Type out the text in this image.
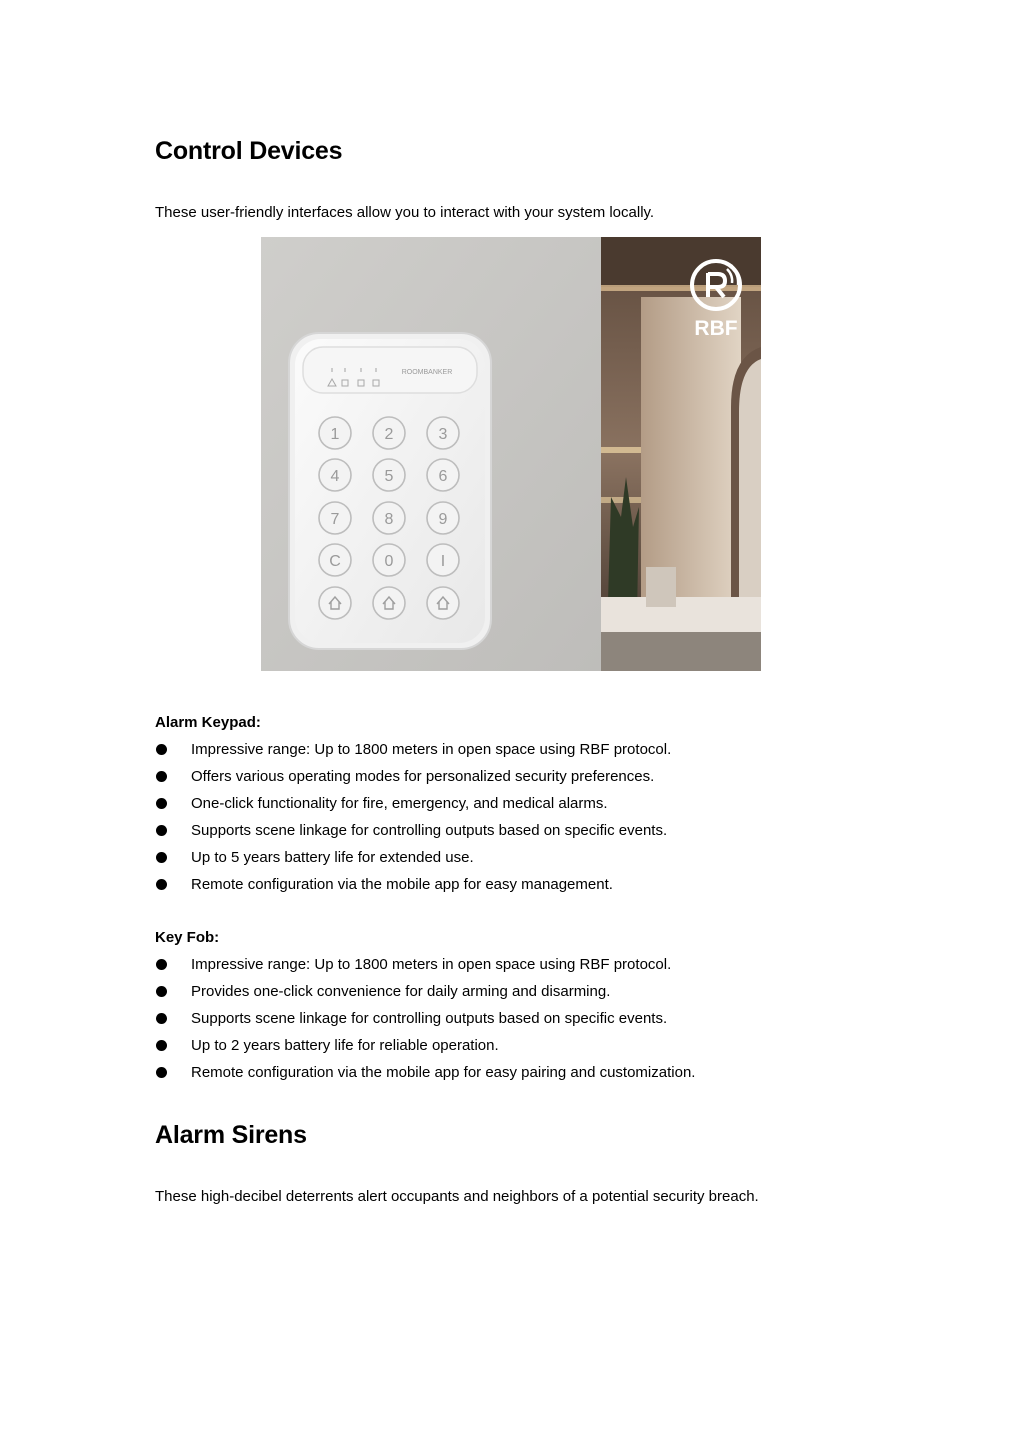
Control Devices

These user-friendly interfaces allow you to interact with your system locally.

RBF
ROOMBANKER
1	2	3
4	5	6
7	8	9
C	0	I

Alarm Keypad:

Impressive range: Up to 1800 meters in open space using RBF protocol.
Offers various operating modes for personalized security preferences.
One-click functionality for fire, emergency, and medical alarms.
Supports scene linkage for controlling outputs based on specific events.
Up to 5 years battery life for extended use.
Remote configuration via the mobile app for easy management.

Key Fob:

Impressive range: Up to 1800 meters in open space using RBF protocol.
Provides one-click convenience for daily arming and disarming.
Supports scene linkage for controlling outputs based on specific events.
Up to 2 years battery life for reliable operation.
Remote configuration via the mobile app for easy pairing and customization.
Alarm Sirens

These high-decibel deterrents alert occupants and neighbors of a potential security breach.
